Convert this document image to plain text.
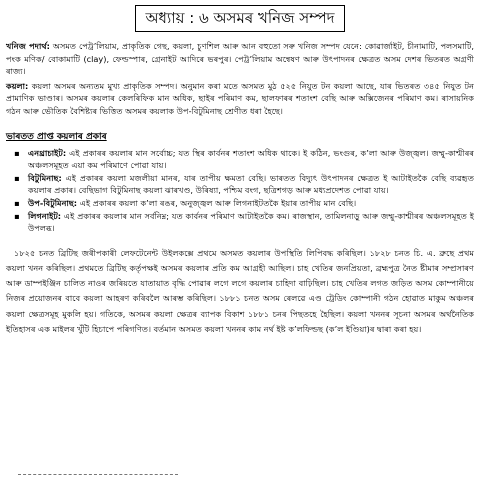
অধ্যায় : ৬ অসমৰ খনিজ সম্পদ

খনিজ পদাৰ্থ: অসমত পেট্ৰ’লিয়াম, প্ৰাকৃতিক গেছ, কয়লা, চুণশিল আৰু আন বহুতো সৰু খনিজ সম্পদ যেনে: কোৱাৰ্জাইট, চীনামাটি, পলসমাটি, পংক মণিক/ বোকামাটি (clay), ফেল্ডস্পাৰ, গ্ৰেনাইট আদিৰে ভৰপুৰ। পেট্ৰ’লিয়াম অন্বেষণ আৰু উৎপাদনৰ ক্ষেত্ৰত অসম দেশৰ ভিতৰত অগ্ৰণী ৰাজ্য।

কয়লা: কয়লা অসমৰ অন্যতম মুখ্য প্ৰাকৃতিক সম্পদ। অনুমান কৰা মতে অসমত মুঠ ৫২৫ নিযুত টন কয়লা আছে, যাৰ ভিতৰত ৩৪৫ নিযুত টন প্ৰামাণিক ভাণ্ডাৰ। অসমৰ কয়লাৰ কেলৰিফিক মান অধিক, ছাইৰ পৰিমাণ কম, ছালফাৰৰ শতাংশ বেছি আৰু অক্সিজেনৰ পৰিমাণ কম। ৰাসায়নিক গঠন আৰু ভৌতিক বৈশিষ্ট্যৰ ভিত্তিত অসমৰ কয়লাক উপ-বিটুমিনাছ শ্ৰেণীত ধৰা হৈছে।

ভাৰতত প্ৰাপ্ত কয়লাৰ প্ৰকাৰ
▪ এনথ্ৰাচাইট: এই প্ৰকাৰৰ কয়লাৰ মান সৰ্বোচ্চ; যত স্থিৰ কাৰ্বনৰ শতাংশ অধিক থাকে। ই কঠিন, ভংগুৰ, ক’লা আৰু উজ্জ্বল। জম্মু-কাশ্মীৰৰ অঞ্চলসমূহত এয়া কম পৰিমাণে পোৱা যায়।
▪ বিটুমিনাছ: এই প্ৰকাৰৰ কয়লা মজলীয়া মানৰ, যাৰ তাপীয় ক্ষমতা বেছি। ভাৰতত বিদ্যুৎ উৎপাদনৰ ক্ষেত্ৰত ই আটাইতকৈ বেছি ব্যৱহৃত কয়লাৰ প্ৰকাৰ। বেছিভাগ বিটুমিনাছ কয়লা ঝাৰখণ্ড, উৰিষ্যা, পশ্চিম বংগ, ছত্ৰিশগড় আৰু মধ্যপ্ৰদেশত পোৱা যায়।
▪ উপ-বিটুমিনাছ: এই প্ৰকাৰৰ কয়লা ক’লা ৰঙৰ, অনুজ্জ্বল আৰু লিগনাইটতকৈ ইয়াৰ তাপীয় মান বেছি।
▪ লিগনাইট: এই প্ৰকাৰৰ কয়লাৰ মান সৰ্বনিম্ন; যত কাৰ্বনৰ পৰিমাণ আটাইতকৈ কম। ৰাজস্থান, তামিলনাড়ু আৰু জম্মু-কাশ্মীৰৰ অঞ্চলসমূহত ই উপলব্ধ।

১৮২৫ চনত ব্ৰিটিছ জৰীপকাৰী লেফটেনেন্ট উইলকক্সে প্ৰথমে অসমত কয়লাৰ উপস্থিতি লিপিবদ্ধ কৰিছিল। ১৮২৮ চনত চি. এ. ব্ৰুছে প্ৰথম কয়লা খনন কৰিছিল। প্ৰথমতে ব্ৰিটিছ কৰ্তৃপক্ষই অসমৰ কয়লাৰ প্ৰতি কম আগ্ৰহী আছিল। চাহ খেতিৰ জনপ্ৰিয়তা, ব্ৰহ্মপুত্ৰ নৈত ষ্টীমাৰ সম্প্ৰসাৰণ আৰু ডাম্পইঞ্জিন চালিত নাওৰ জৰিয়তে যাতায়াত বৃদ্ধি পোৱাৰ লগে লগে কয়লাৰ চাহিদা বাঢ়িছিল। চাহ খেতিৰ লগত জড়িত অসম কোম্পানীয়ে নিজৰ প্ৰয়োজনৰ বাবে কয়লা আহৰণ কৰিবলৈ আৰম্ভ কৰিছিল। ১৮৮১ চনত অসম ৰেলৱে এণ্ড ট্ৰেডিং কোম্পানী গঠন হোৱাত মাকুম অঞ্চলৰ কয়লা ক্ষেত্ৰসমূহ মুকলি হয়। গতিকে, অসমৰ কয়লা ক্ষেত্ৰৰ ব্যাপক বিকাশ ১৮৮১ চনৰ পিছতহে হৈছিল। কয়লা খননৰ সূচনা অসমৰ অৰ্থনৈতিক ইতিহাসৰ এক মাইলৰ খুঁটি হিচাপে পৰিগণিত। বৰ্তমান অসমত কয়লা খননৰ কাম নৰ্থ ইষ্ট ক’লফিল্ডছ (ক’ল ইণ্ডিয়া)ৰ দ্বাৰা কৰা হয়।
